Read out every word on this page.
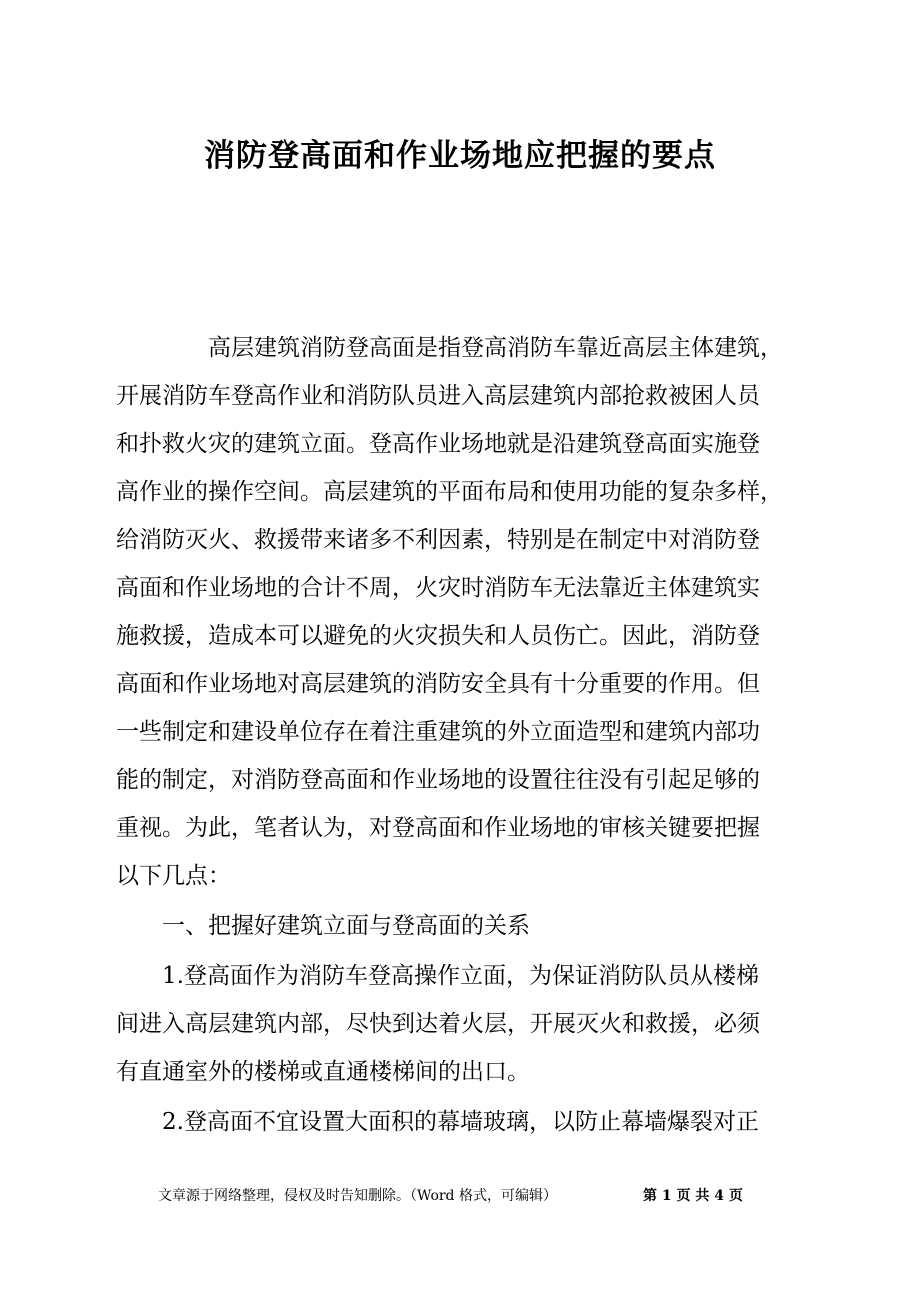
消防登高面和作业场地应把握的要点

　　　　高层建筑消防登高面是指登高消防车靠近高层主体建筑，

开展消防车登高作业和消防队员进入高层建筑内部抢救被困人员

和扑救火灾的建筑立面。登高作业场地就是沿建筑登高面实施登

高作业的操作空间。高层建筑的平面布局和使用功能的复杂多样，

给消防灭火、救援带来诸多不利因素，特别是在制定中对消防登

高面和作业场地的合计不周，火灾时消防车无法靠近主体建筑实

施救援，造成本可以避免的火灾损失和人员伤亡。因此，消防登

高面和作业场地对高层建筑的消防安全具有十分重要的作用。但

一些制定和建设单位存在着注重建筑的外立面造型和建筑内部功

能的制定，对消防登高面和作业场地的设置往往没有引起足够的

重视。为此，笔者认为，对登高面和作业场地的审核关键要把握

以下几点：

　　一、把握好建筑立面与登高面的关系

　　1.登高面作为消防车登高操作立面，为保证消防队员从楼梯

间进入高层建筑内部，尽快到达着火层，开展灭火和救援，必须

有直通室外的楼梯或直通楼梯间的出口。

　　2.登高面不宜设置大面积的幕墙玻璃，以防止幕墙爆裂对正

文章源于网络整理，侵权及时告知删除。（Word 格式，可编辑）	第 1 页 共 4 页
